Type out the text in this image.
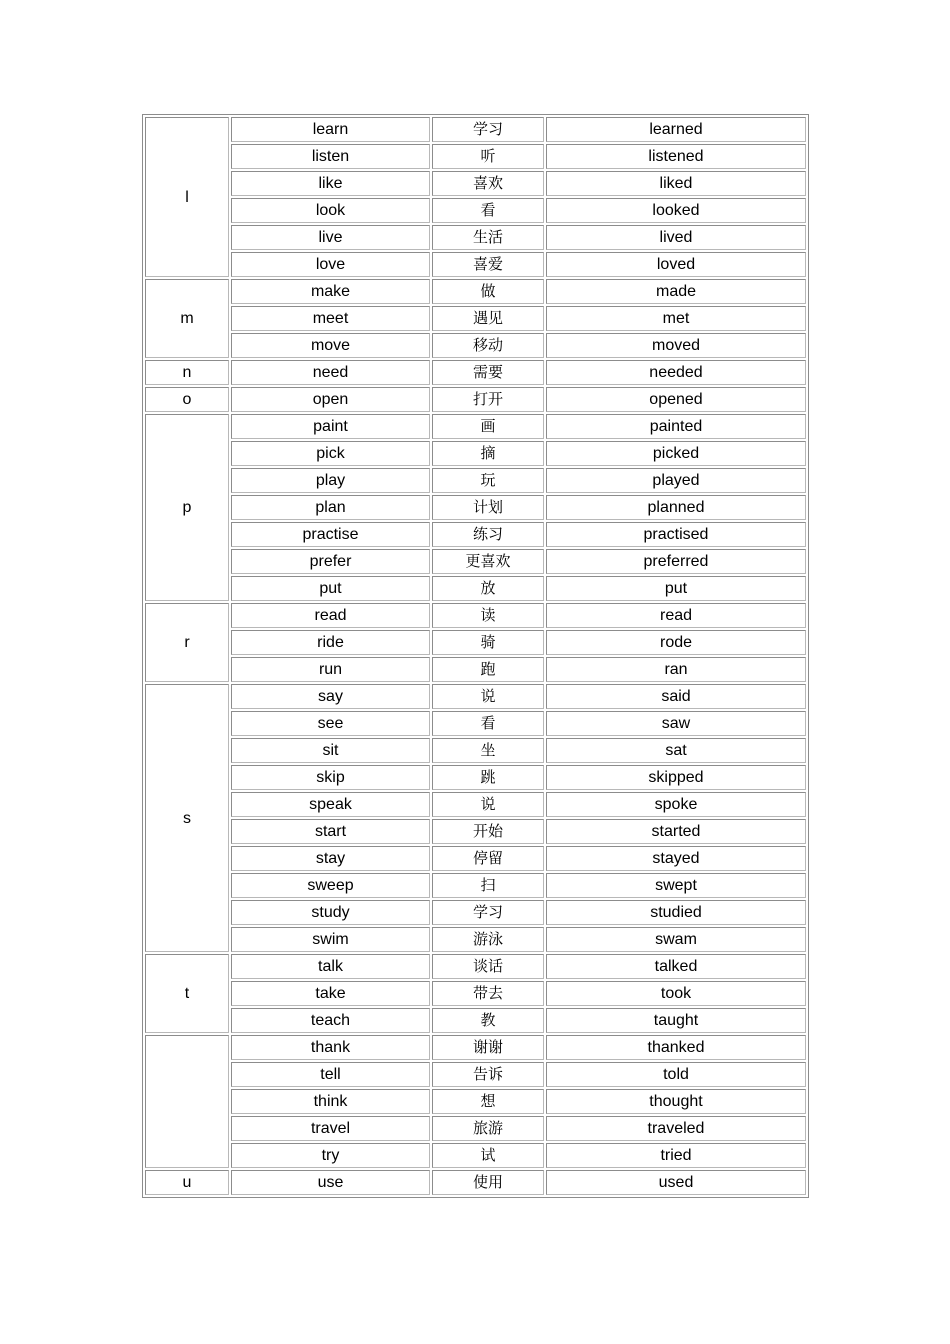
l	learn	学习	learned
	listen	听	listened
	like	喜欢	liked
	look	看	looked
	live	生活	lived
	love	喜爱	loved
m	make	做	made
	meet	遇见	met
	move	移动	moved
n	need	需要	needed
o	open	打开	opened
p	paint	画	painted
	pick	摘	picked
	play	玩	played
	plan	计划	planned
	practise	练习	practised
	prefer	更喜欢	preferred
	put	放	put
r	read	读	read
	ride	骑	rode
	run	跑	ran
s	say	说	said
	see	看	saw
	sit	坐	sat
	skip	跳	skipped
	speak	说	spoke
	start	开始	started
	stay	停留	stayed
	sweep	扫	swept
	study	学习	studied
	swim	游泳	swam
t	talk	谈话	talked
	take	带去	took
	teach	教	taught
	thank	谢谢	thanked
	tell	告诉	told
	think	想	thought
	travel	旅游	traveled
	try	试	tried
u	use	使用	used
